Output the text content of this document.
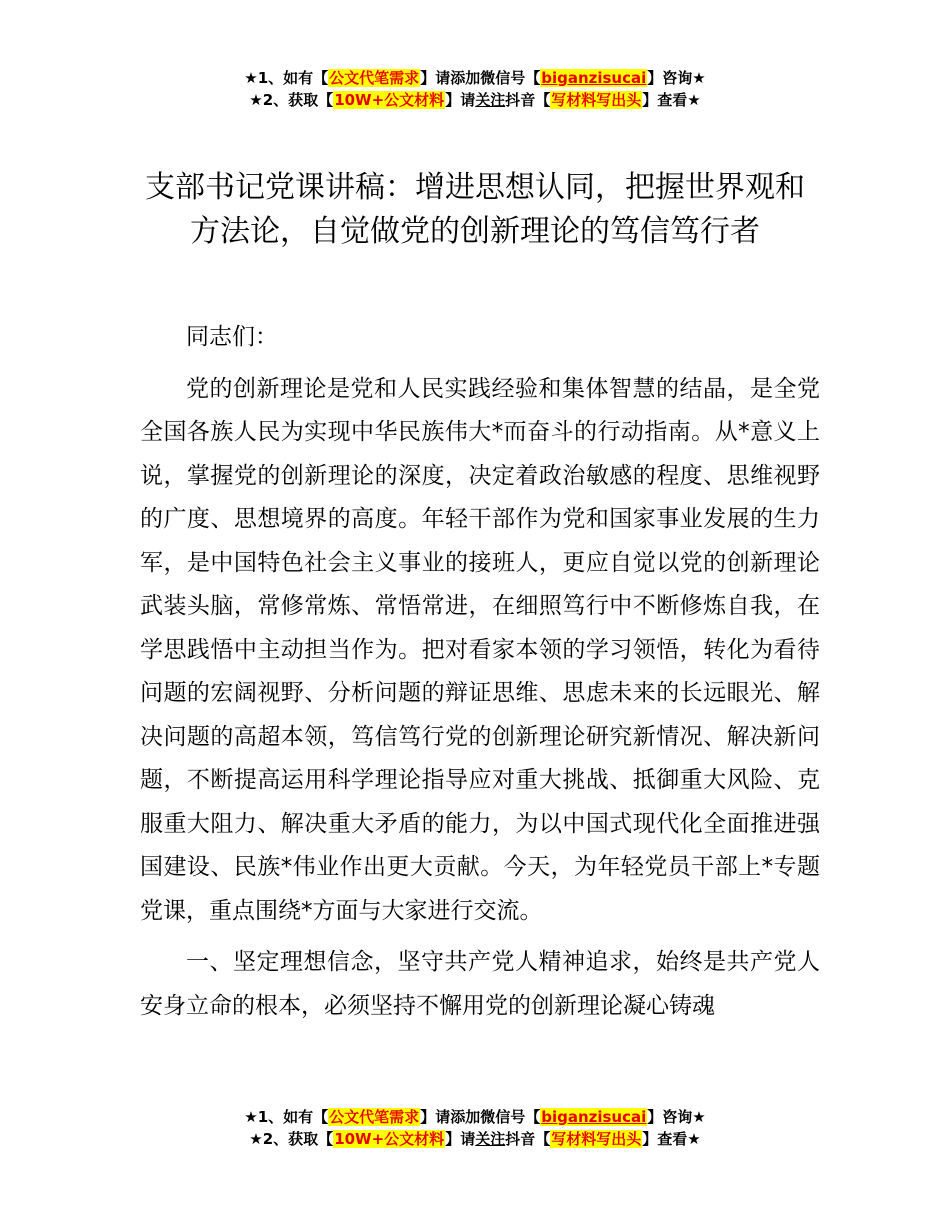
★1、如有【公文代笔需求】请添加微信号【biganzisucai】咨询★
★2、获取【10W+公文材料】请关注抖音【写材料写出头】查看★
支部书记党课讲稿：增进思想认同，把握世界观和方法论，自觉做党的创新理论的笃信笃行者

同志们：

党的创新理论是党和人民实践经验和集体智慧的结晶，是全党全国各族人民为实现中华民族伟大*而奋斗的行动指南。从*意义上说，掌握党的创新理论的深度，决定着政治敏感的程度、思维视野的广度、思想境界的高度。年轻干部作为党和国家事业发展的生力军，是中国特色社会主义事业的接班人，更应自觉以党的创新理论武装头脑，常修常炼、常悟常进，在细照笃行中不断修炼自我，在学思践悟中主动担当作为。把对看家本领的学习领悟，转化为看待问题的宏阔视野、分析问题的辩证思维、思虑未来的长远眼光、解决问题的高超本领，笃信笃行党的创新理论研究新情况、解决新问题，不断提高运用科学理论指导应对重大挑战、抵御重大风险、克服重大阻力、解决重大矛盾的能力，为以中国式现代化全面推进强国建设、民族*伟业作出更大贡献。今天，为年轻党员干部上*专题党课，重点围绕*方面与大家进行交流。

一、坚定理想信念，坚守共产党人精神追求，始终是共产党人安身立命的根本，必须坚持不懈用党的创新理论凝心铸魂

★1、如有【公文代笔需求】请添加微信号【biganzisucai】咨询★
★2、获取【10W+公文材料】请关注抖音【写材料写出头】查看★
